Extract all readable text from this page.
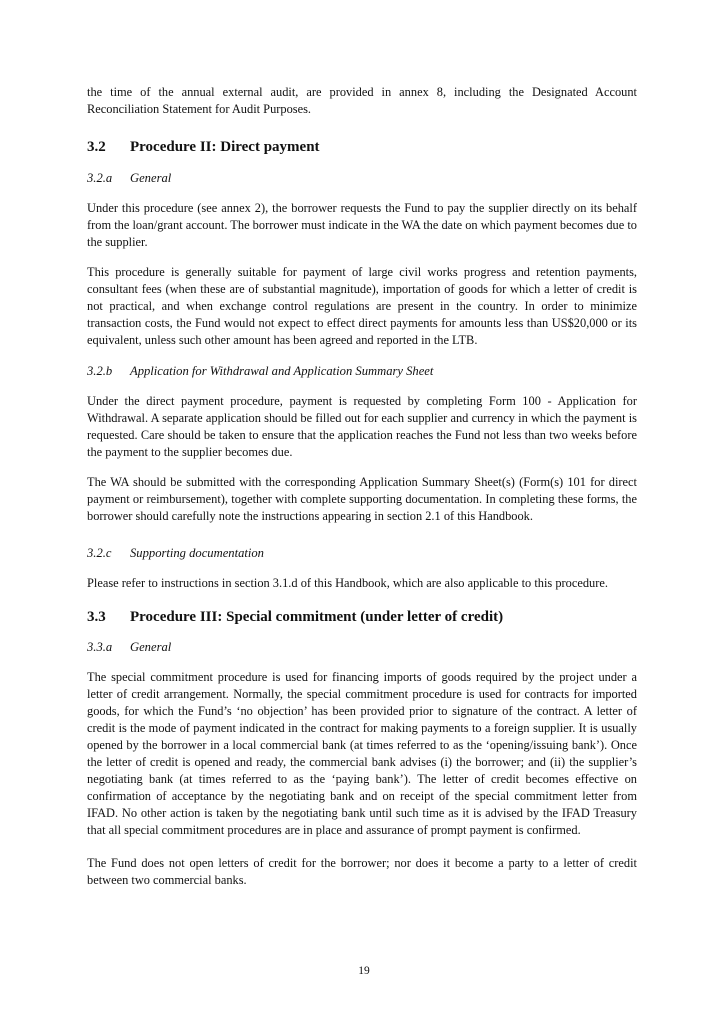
the time of the annual external audit, are provided in annex 8, including the Designated Account Reconciliation Statement for Audit Purposes.

3.2	Procedure II: Direct payment
3.2.a	General

Under this procedure (see annex 2), the borrower requests the Fund to pay the supplier directly on its behalf from the loan/grant account. The borrower must indicate in the WA the date on which payment becomes due to the supplier.

This procedure is generally suitable for payment of large civil works progress and retention payments, consultant fees (when these are of substantial magnitude), importation of goods for which a letter of credit is not practical, and when exchange control regulations are present in the country. In order to minimize transaction costs, the Fund would not expect to effect direct payments for amounts less than US$20,000 or its equivalent, unless such other amount has been agreed and reported in the LTB.

3.2.b	Application for Withdrawal and Application Summary Sheet

Under the direct payment procedure, payment is requested by completing Form 100 - Application for Withdrawal. A separate application should be filled out for each supplier and currency in which the payment is requested. Care should be taken to ensure that the application reaches the Fund not less than two weeks before the payment to the supplier becomes due.

The WA should be submitted with the corresponding Application Summary Sheet(s) (Form(s) 101 for direct payment or reimbursement), together with complete supporting documentation. In completing these forms, the borrower should carefully note the instructions appearing in section 2.1 of this Handbook.

3.2.c	Supporting documentation

Please refer to instructions in section 3.1.d of this Handbook, which are also applicable to this procedure.

3.3	Procedure III: Special commitment (under letter of credit)
3.3.a	General

The special commitment procedure is used for financing imports of goods required by the project under a letter of credit arrangement. Normally, the special commitment procedure is used for contracts for imported goods, for which the Fund’s ‘no objection’ has been provided prior to signature of the contract. A letter of credit is the mode of payment indicated in the contract for making payments to a foreign supplier. It is usually opened by the borrower in a local commercial bank (at times referred to as the ‘opening/issuing bank’). Once the letter of credit is opened and ready, the commercial bank advises (i) the borrower; and (ii) the supplier’s negotiating bank (at times referred to as the ‘paying bank’). The letter of credit becomes effective on confirmation of acceptance by the negotiating bank and on receipt of the special commitment letter from IFAD. No other action is taken by the negotiating bank until such time as it is advised by the IFAD Treasury that all special commitment procedures are in place and assurance of prompt payment is confirmed.

The Fund does not open letters of credit for the borrower; nor does it become a party to a letter of credit between two commercial banks.

19
